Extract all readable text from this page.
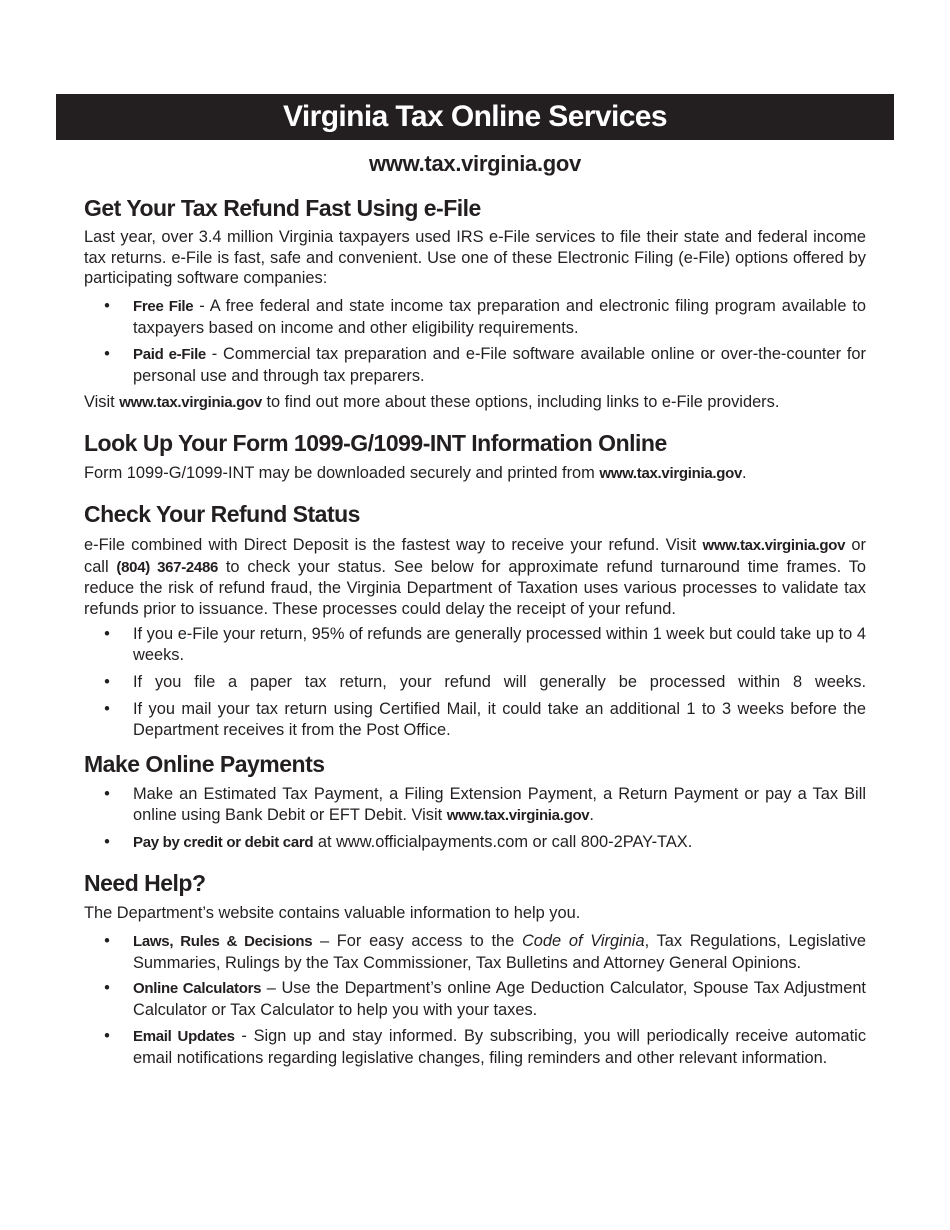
Virginia Tax Online Services
www.tax.virginia.gov
Get Your Tax Refund Fast Using e-File

Last year, over 3.4 million Virginia taxpayers used IRS e-File services to file their state and federal income tax returns. e-File is fast, safe and convenient. Use one of these Electronic Filing (e-File) options offered by participating software companies:

• Free File - A free federal and state income tax preparation and electronic filing program available to taxpayers based on income and other eligibility requirements.
• Paid e-File - Commercial tax preparation and e-File software available online or over-the-counter for personal use and through tax preparers.

Visit www.tax.virginia.gov to find out more about these options, including links to e-File providers.

Look Up Your Form 1099-G/1099-INT Information Online

Form 1099-G/1099-INT may be downloaded securely and printed from www.tax.virginia.gov.

Check Your Refund Status

e-File combined with Direct Deposit is the fastest way to receive your refund. Visit www.tax.virginia.gov or call (804) 367-2486 to check your status. See below for approximate refund turnaround time frames. To reduce the risk of refund fraud, the Virginia Department of Taxation uses various processes to validate tax refunds prior to issuance. These processes could delay the receipt of your refund.

• If you e-File your return, 95% of refunds are generally processed within 1 week but could take up to 4 weeks.
• If you file a paper tax return, your refund will generally be processed within 8 weeks.
• If you mail your tax return using Certified Mail, it could take an additional 1 to 3 weeks before the Department receives it from the Post Office.
Make Online Payments
• Make an Estimated Tax Payment, a Filing Extension Payment, a Return Payment or pay a Tax Bill online using Bank Debit or EFT Debit. Visit www.tax.virginia.gov.
• Pay by credit or debit card at www.officialpayments.com or call 800-2PAY-TAX.
Need Help?

The Department’s website contains valuable information to help you.

• Laws, Rules & Decisions – For easy access to the Code of Virginia, Tax Regulations, Legislative Summaries, Rulings by the Tax Commissioner, Tax Bulletins and Attorney General Opinions.
• Online Calculators – Use the Department’s online Age Deduction Calculator, Spouse Tax Adjustment Calculator or Tax Calculator to help you with your taxes.
• Email Updates - Sign up and stay informed. By subscribing, you will periodically receive automatic email notifications regarding legislative changes, filing reminders and other relevant information.
